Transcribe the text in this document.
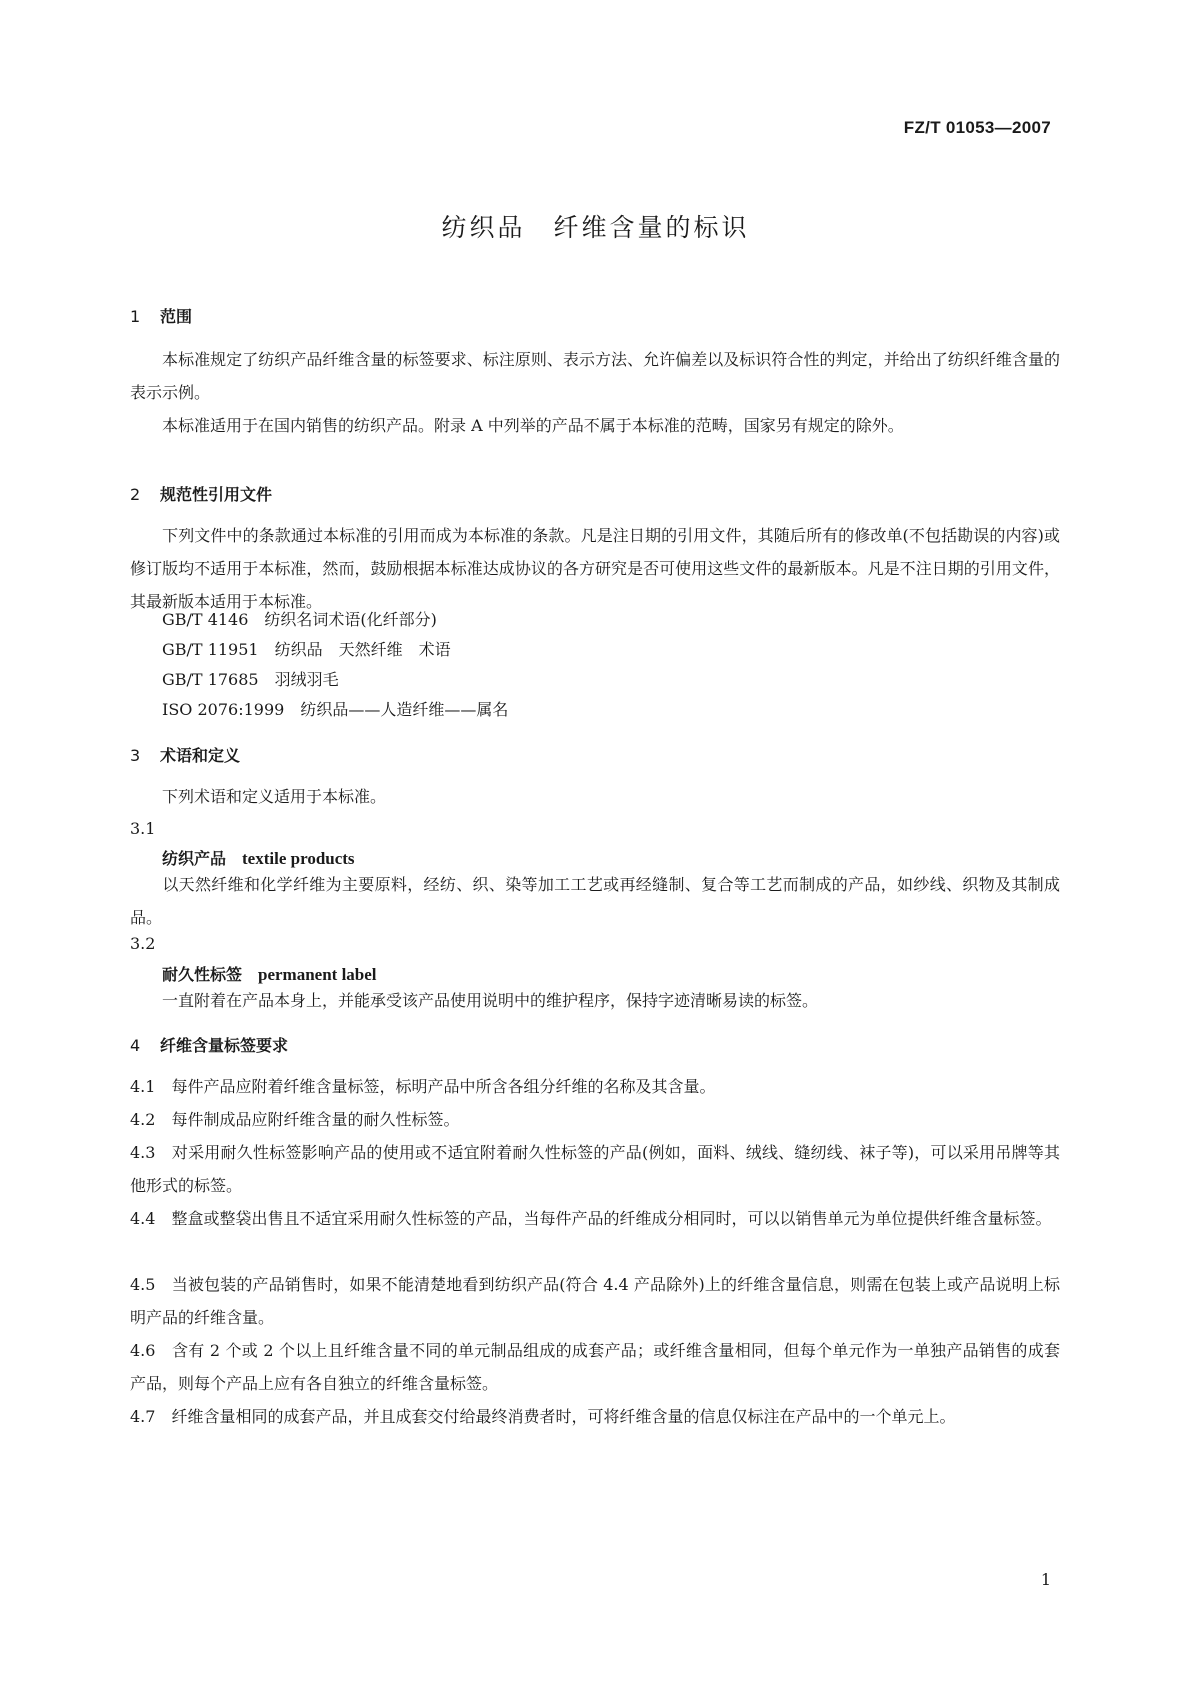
FZ/T 01053—2007
纺织品　纤维含量的标识
1 范围
本标准规定了纺织产品纤维含量的标签要求、标注原则、表示方法、允许偏差以及标识符合性的判定，并给出了纺织纤维含量的表示示例。
本标准适用于在国内销售的纺织产品。附录 A 中列举的产品不属于本标准的范畴，国家另有规定的除外。
2 规范性引用文件
下列文件中的条款通过本标准的引用而成为本标准的条款。凡是注日期的引用文件，其随后所有的修改单(不包括勘误的内容)或修订版均不适用于本标准，然而，鼓励根据本标准达成协议的各方研究是否可使用这些文件的最新版本。凡是不注日期的引用文件，其最新版本适用于本标准。
GB/T 4146　纺织名词术语(化纤部分)
GB/T 11951　纺织品　天然纤维　术语
GB/T 17685　羽绒羽毛
ISO 2076:1999　纺织品——人造纤维——属名
3 术语和定义
下列术语和定义适用于本标准。
3.1
纺织产品 textile products
以天然纤维和化学纤维为主要原料，经纺、织、染等加工工艺或再经缝制、复合等工艺而制成的产品，如纱线、织物及其制成品。
3.2
耐久性标签 permanent label
一直附着在产品本身上，并能承受该产品使用说明中的维护程序，保持字迹清晰易读的标签。
4 纤维含量标签要求
4.1　每件产品应附着纤维含量标签，标明产品中所含各组分纤维的名称及其含量。
4.2　每件制成品应附纤维含量的耐久性标签。
4.3　对采用耐久性标签影响产品的使用或不适宜附着耐久性标签的产品(例如，面料、绒线、缝纫线、袜子等)，可以采用吊牌等其他形式的标签。
4.4　整盒或整袋出售且不适宜采用耐久性标签的产品，当每件产品的纤维成分相同时，可以以销售单元为单位提供纤维含量标签。
4.5　当被包装的产品销售时，如果不能清楚地看到纺织产品(符合 4.4 产品除外)上的纤维含量信息，则需在包装上或产品说明上标明产品的纤维含量。
4.6　含有 2 个或 2 个以上且纤维含量不同的单元制品组成的成套产品；或纤维含量相同，但每个单元作为一单独产品销售的成套产品，则每个产品上应有各自独立的纤维含量标签。
4.7　纤维含量相同的成套产品，并且成套交付给最终消费者时，可将纤维含量的信息仅标注在产品中的一个单元上。
1
